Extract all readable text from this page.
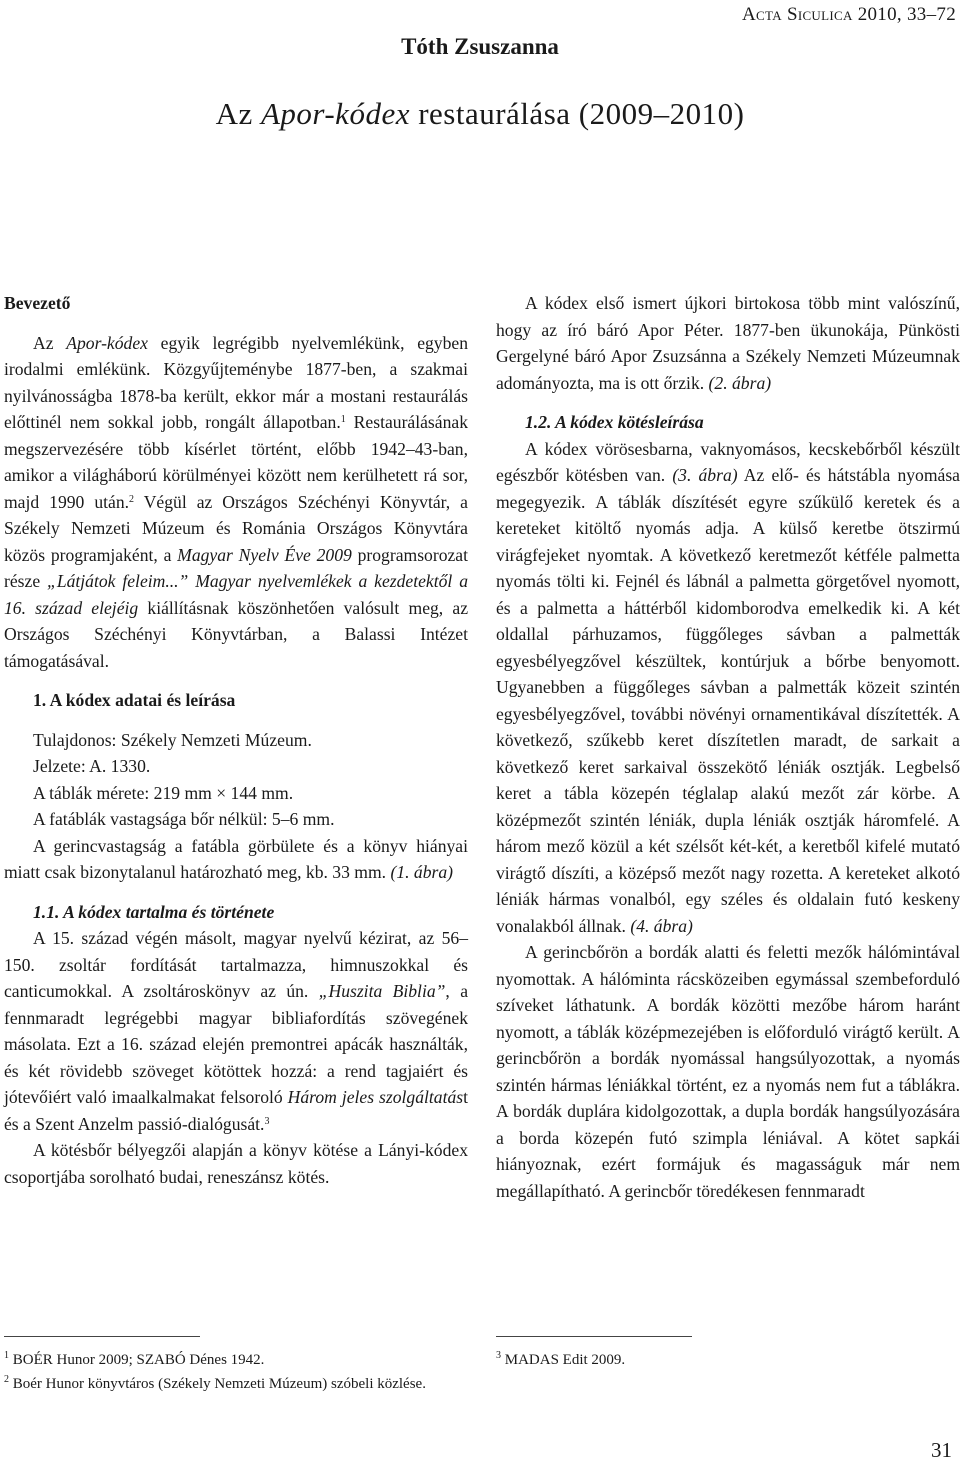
Acta Siculica 2010, 33–72
Tóth Zsuszanna
Az Apor-kódex restaurálása (2009–2010)
Bevezető

Az Apor-kódex egyik legrégibb nyelvemlékünk, egyben irodalmi emlékünk. Közgyűjteménybe 1877-ben, a szakmai nyilvánosságba 1878-ba került, ekkor már a mostani restaurálás előttinél nem sokkal jobb, rongált állapotban.$^1$ Restaurálásának megszervezésére több kísérlet történt, előbb 1942–43-ban, amikor a világháború körülményei között nem kerülhetett rá sor, majd 1990 után.$^2$ Végül az Országos Széchényi Könyvtár, a Székely Nemzeti Múzeum és Románia Országos Könyvtára közös programjaként, a Magyar Nyelv Éve 2009 programsorozat része „Látjátok feleim...” Magyar nyelvemlékek a kezdetektől a 16. század elejéig kiállításnak köszönhetően valósult meg, az Országos Széchényi Könyvtárban, a Balassi Intézet támogatásával.

1. A kódex adatai és leírása

Tulajdonos: Székely Nemzeti Múzeum.

Jelzete: A. 1330.

A táblák mérete: 219 mm × 144 mm.

A fatáblák vastagsága bőr nélkül: 5–6 mm.

A gerincvastagság a fatábla görbülete és a könyv hiányai miatt csak bizonytalanul határozható meg, kb. 33 mm. (1. ábra)

1.1. A kódex tartalma és története

A 15. század végén másolt, magyar nyelvű kézirat, az 56–150. zsoltár fordítását tartalmazza, himnuszokkal és canticumokkal. A zsoltároskönyv az ún. „Huszita Biblia”, a fennmaradt legrégebbi magyar bibliafordítás szövegének másolata. Ezt a 16. század elején premontrei apácák használták, és két rövidebb szöveget kötöttek hozzá: a rend tagjaiért és jótevőiért való imaalkalmakat felsoroló Három jeles szolgáltatást és a Szent Anzelm passió-dialógusát.$^3$

A kötésbőr bélyegzői alapján a könyv kötése a Lányi-kódex csoportjába sorolható budai, reneszánsz kötés.

A kódex első ismert újkori birtokosa több mint valószínű, hogy az író báró Apor Péter. 1877-ben ükunokája, Pünkösti Gergelyné báró Apor Zsuzsánna a Székely Nemzeti Múzeumnak adományozta, ma is ott őrzik. (2. ábra)

1.2. A kódex kötésleírása

A kódex vörösesbarna, vaknyomásos, kecskebőrből készült egészbőr kötésben van. (3. ábra) Az elő- és hátstábla nyomása megegyezik. A táblák díszítését egyre szűkülő keretek és a kereteket kitöltő nyomás adja. A külső keretbe ötszirmú virágfejeket nyomtak. A következő keretmezőt kétféle palmetta nyomás tölti ki. Fejnél és lábnál a palmetta görgetővel nyomott, és a palmetta a háttérből kidomborodva emelkedik ki. A két oldallal párhuzamos, függőleges sávban a palmetták egyesbélyegzővel készültek, kontúrjuk a bőrbe benyomott. Ugyanebben a függőleges sávban a palmetták közeit szintén egyesbélyegzővel, további növényi ornamentikával díszítették. A következő, szűkebb keret díszítetlen maradt, de sarkait a következő keret sarkaival összekötő léniák osztják. Legbelső keret a tábla közepén téglalap alakú mezőt zár körbe. A középmezőt szintén léniák, dupla léniák osztják háromfelé. A három mező közül a két szélsőt két-két, a keretből kifelé mutató virágtő díszíti, a középső mezőt nagy rozetta. A kereteket alkotó léniák hármas vonalból, egy széles és oldalain futó keskeny vonalakból állnak. (4. ábra)

A gerincbőrön a bordák alatti és feletti mezők hálómintával nyomottak. A hálóminta rácsközeiben egymással szembeforduló szíveket láthatunk. A bordák közötti mezőbe három haránt nyomott, a táblák középmezejében is előforduló virágtő került. A gerincbőrön a bordák nyomással hangsúlyozottak, a nyomás szintén hármas léniákkal történt, ez a nyomás nem fut a táblákra. A bordák duplára kidolgozottak, a dupla bordák hangsúlyozására a borda közepén futó szimpla léniával. A kötet sapkái hiányoznak, ezért formájuk és magasságuk már nem megállapítható. A gerincbőr töredékesen fennmaradt

$^1$ BOÉR Hunor 2009; SZABÓ Dénes 1942.

$^2$ Boér Hunor könyvtáros (Székely Nemzeti Múzeum) szóbeli közlése.

$^3$ MADAS Edit 2009.

31
